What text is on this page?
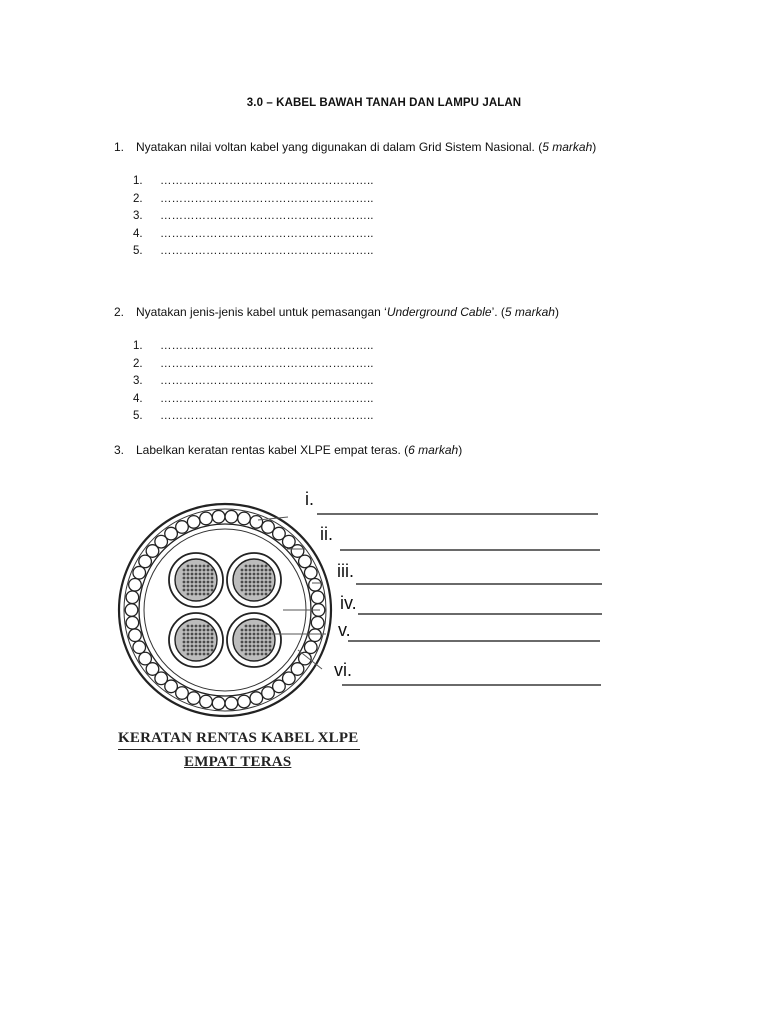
3.0 – KABEL BAWAH TANAH DAN LAMPU JALAN
1. Nyatakan nilai voltan kabel yang digunakan di dalam Grid Sistem Nasional. (5 markah)
1. ………………………………………………..
2. ………………………………………………..
3. ………………………………………………..
4. ………………………………………………..
5. ………………………………………………..
2. Nyatakan jenis-jenis kabel untuk pemasangan ‘Underground Cable’. (5 markah)
1. ………………………………………………..
2. ………………………………………………..
3. ………………………………………………..
4. ………………………………………………..
5. ………………………………………………..
3. Labelkan keratan rentas kabel XLPE empat teras. (6 markah)
i.
ii.
iii.
iv.
v.
vi.
KERATAN RENTAS KABEL XLPE
EMPAT TERAS
